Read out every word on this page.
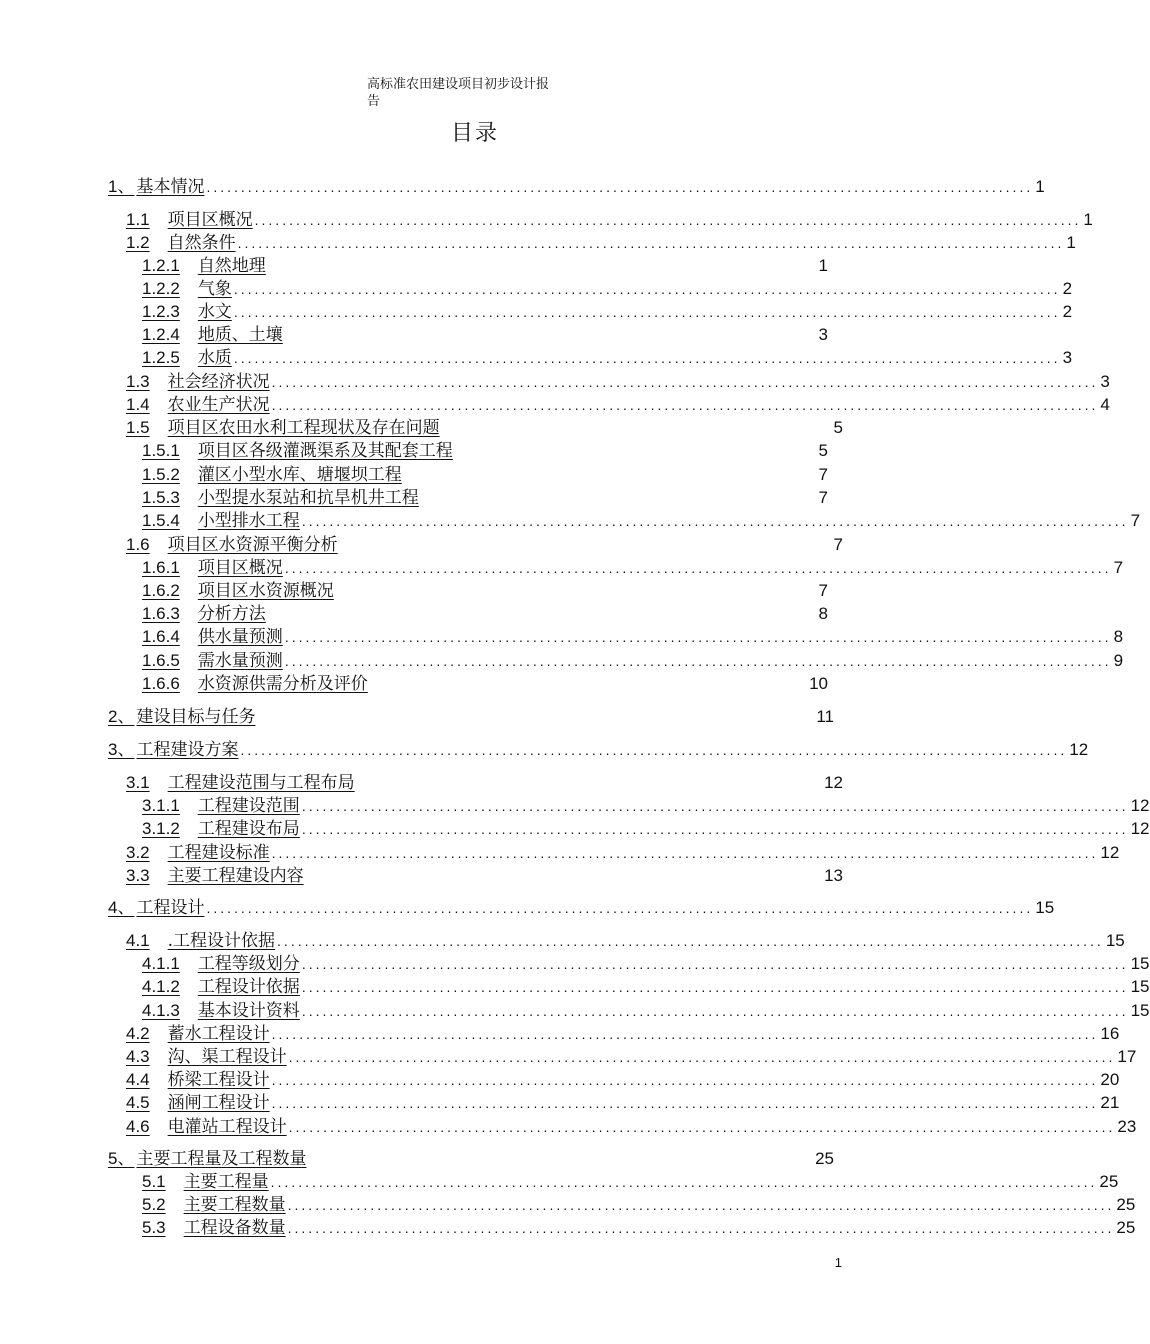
高标准农田建设项目初步设计报
告
目录
1、 基本情况 ........................................................................................................................ 1
1.1 项目区概况 ........................................................................................................................ 1
1.2 自然条件 ........................................................................................................................ 1
1.2.1 自然地理	1
1.2.2 气象 ........................................................................................................................ 2
1.2.3 水文 ........................................................................................................................ 2
1.2.4 地质、土壤	3
1.2.5 水质 ........................................................................................................................ 3
1.3 社会经济状况 ........................................................................................................................ 3
1.4 农业生产状况 ........................................................................................................................ 4
1.5 项目区农田水利工程现状及存在问题	5
1.5.1 项目区各级灌溉渠系及其配套工程	5
1.5.2 灌区小型水库、塘堰坝工程	7
1.5.3 小型提水泵站和抗旱机井工程	7
1.5.4 小型排水工程 ........................................................................................................................ 7
1.6 项目区水资源平衡分析	7
1.6.1 项目区概况 ........................................................................................................................ 7
1.6.2 项目区水资源概况	7
1.6.3 分析方法	8
1.6.4 供水量预测 ........................................................................................................................ 8
1.6.5 需水量预测 ........................................................................................................................ 9
1.6.6 水资源供需分析及评价	10
2、 建设目标与任务	11
3、 工程建设方案 ........................................................................................................................ 12
3.1 工程建设范围与工程布局	12
3.1.1 工程建设范围 ........................................................................................................................ 12
3.1.2 工程建设布局 ........................................................................................................................ 12
3.2 工程建设标准 ........................................................................................................................ 12
3.3 主要工程建设内容	13
4、 工程设计 ........................................................................................................................ 15
4.1 .工程设计依据 ........................................................................................................................ 15
4.1.1 工程等级划分 ........................................................................................................................ 15
4.1.2 工程设计依据 ........................................................................................................................ 15
4.1.3 基本设计资料 ........................................................................................................................ 15
4.2 蓄水工程设计 ........................................................................................................................ 16
4.3 沟、渠工程设计 ........................................................................................................................ 17
4.4 桥梁工程设计 ........................................................................................................................ 20
4.5 涵闸工程设计 ........................................................................................................................ 21
4.6 电灌站工程设计 ........................................................................................................................ 23
5、 主要工程量及工程数量	25
5.1 主要工程量 ........................................................................................................................ 25
5.2 主要工程数量 ........................................................................................................................ 25
5.3 工程设备数量 ........................................................................................................................ 25
1
